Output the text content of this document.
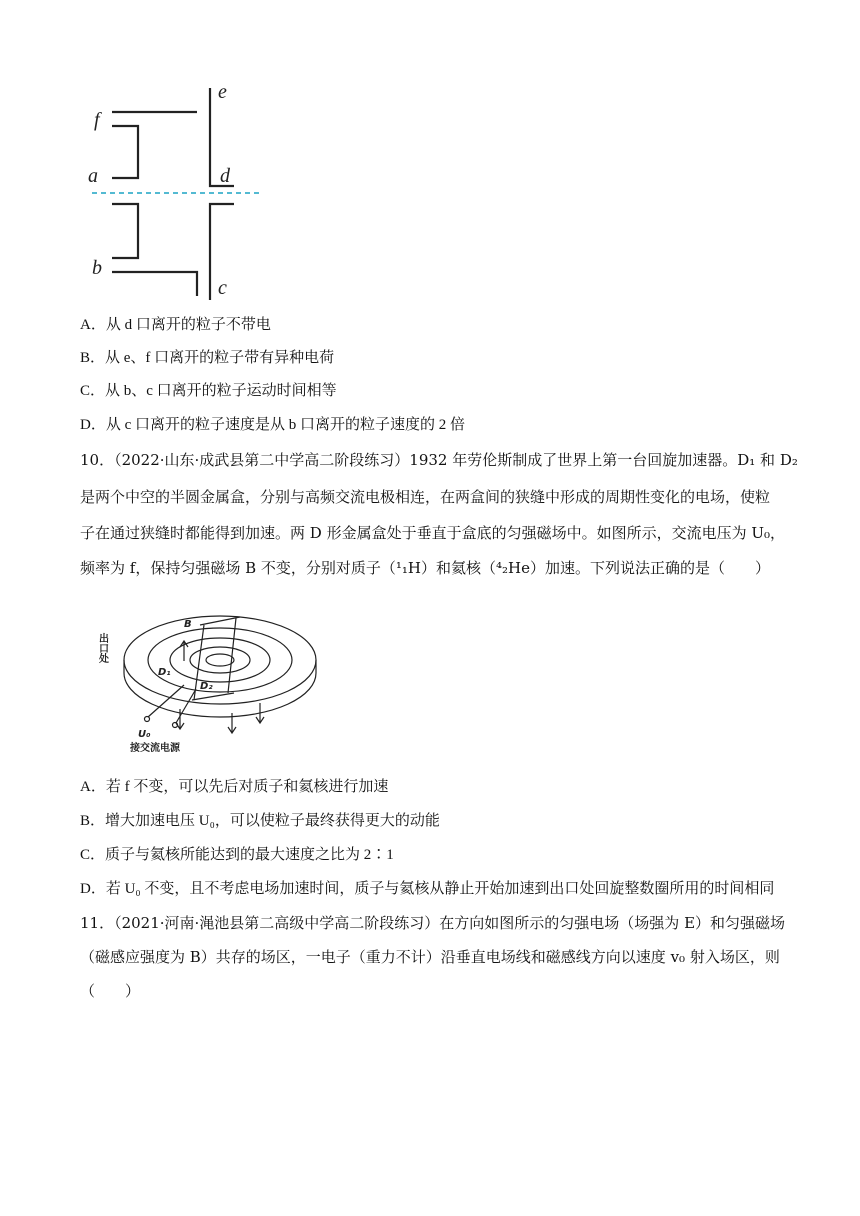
e
f
a	d
b
c
A．从 d 口离开的粒子不带电
B．从 e、f 口离开的粒子带有异种电荷
C．从 b、c 口离开的粒子运动时间相等
D．从 c 口离开的粒子速度是从 b 口离开的粒子速度的 2 倍
10．（2022·山东·成武县第二中学高二阶段练习）1932 年劳伦斯制成了世界上第一台回旋加速器。D₁ 和 D₂
是两个中空的半圆金属盒，分别与高频交流电极相连，在两盒间的狭缝中形成的周期性变化的电场，使粒
子在通过狭缝时都能得到加速。两 D 形金属盒处于垂直于盒底的匀强磁场中。如图所示，交流电压为 U₀，
频率为 f，保持匀强磁场 B 不变，分别对质子（¹₁H）和氦核（⁴₂He）加速。下列说法正确的是（　　）
B
D₁
D₂
U₀
接交流电源
出口处
A．若 f 不变，可以先后对质子和氦核进行加速
B．增大加速电压 U₀，可以使粒子最终获得更大的动能
C．质子与氦核所能达到的最大速度之比为 2∶1
D．若 U₀ 不变，且不考虑电场加速时间，质子与氦核从静止开始加速到出口处回旋整数圈所用的时间相同
11．（2021·河南·渑池县第二高级中学高二阶段练习）在方向如图所示的匀强电场（场强为 E）和匀强磁场
（磁感应强度为 B）共存的场区，一电子（重力不计）沿垂直电场线和磁感线方向以速度 v₀ 射入场区，则
（　　）
